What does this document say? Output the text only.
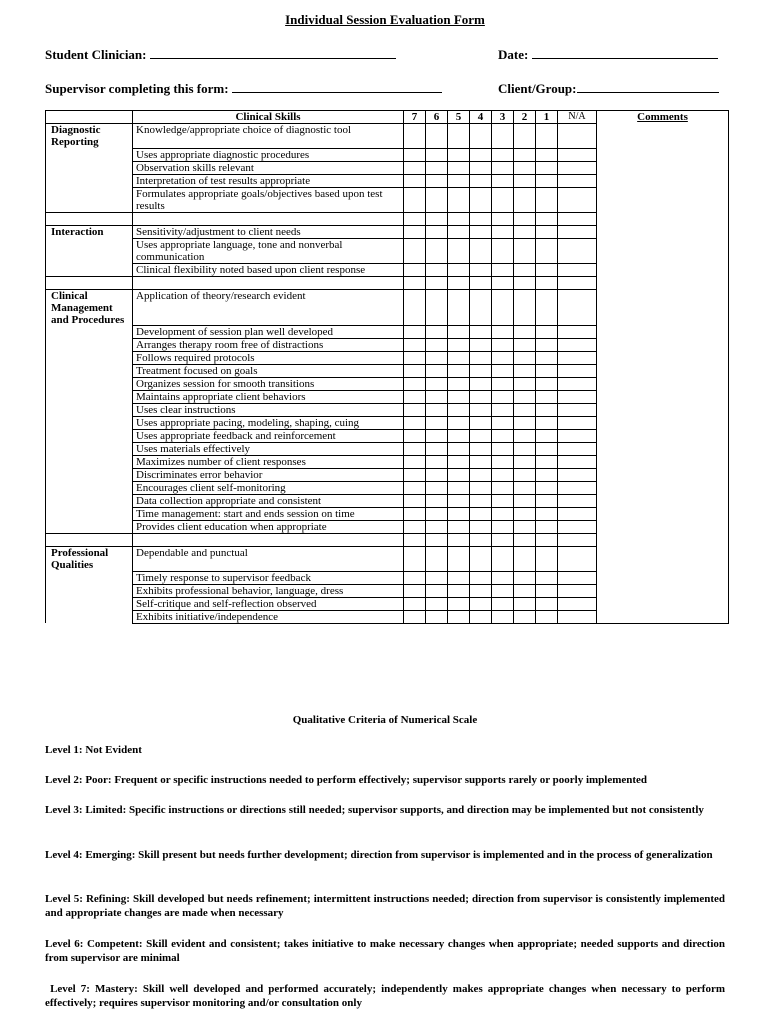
Individual Session Evaluation Form
Student Clinician:	Date:
Supervisor completing this form:	Client/Group:
	Clinical Skills	7	6	5	4	3	2	1	N/A	Comments
Diagnostic Reporting	Knowledge/appropriate choice of diagnostic tool									
	Uses appropriate diagnostic procedures									
	Observation skills relevant									
	Interpretation of test results appropriate									
	Formulates appropriate goals/objectives based upon test results									

Interaction	Sensitivity/adjustment to client needs									
	Uses appropriate language, tone and nonverbal communication									
	Clinical flexibility noted based upon client response									

Clinical Management and Procedures	Application of theory/research evident									
	Development of session plan well developed									
	Arranges therapy room free of distractions									
	Follows required protocols									
	Treatment focused on goals									
	Organizes session for smooth transitions									
	Maintains appropriate client behaviors									
	Uses clear instructions									
	Uses appropriate pacing, modeling, shaping, cuing									
	Uses appropriate feedback and reinforcement									
	Uses materials effectively									
	Maximizes number of client responses									
	Discriminates error behavior									
	Encourages client self-monitoring									
	Data collection appropriate and consistent									
	Time management: start and ends session on time									
	Provides client education when appropriate									

Professional Qualities	Dependable and punctual									
	Timely response to supervisor feedback									
	Exhibits professional behavior, language, dress									
	Self-critique and self-reflection observed									
	Exhibits initiative/independence									
Qualitative Criteria of Numerical Scale
Level 1: Not Evident
Level 2: Poor: Frequent or specific instructions needed to perform effectively; supervisor supports rarely or poorly implemented
Level 3: Limited: Specific instructions or directions still needed; supervisor supports, and direction may be implemented but not consistently
Level 4: Emerging: Skill present but needs further development; direction from supervisor is implemented and in the process of generalization
Level 5: Refining: Skill developed but needs refinement; intermittent instructions needed; direction from supervisor is consistently implemented and appropriate changes are made when necessary
Level 6: Competent: Skill evident and consistent; takes initiative to make necessary changes when appropriate; needed supports and direction from supervisor are minimal
Level 7: Mastery: Skill well developed and performed accurately; independently makes appropriate changes when necessary to perform effectively; requires supervisor monitoring and/or consultation only
